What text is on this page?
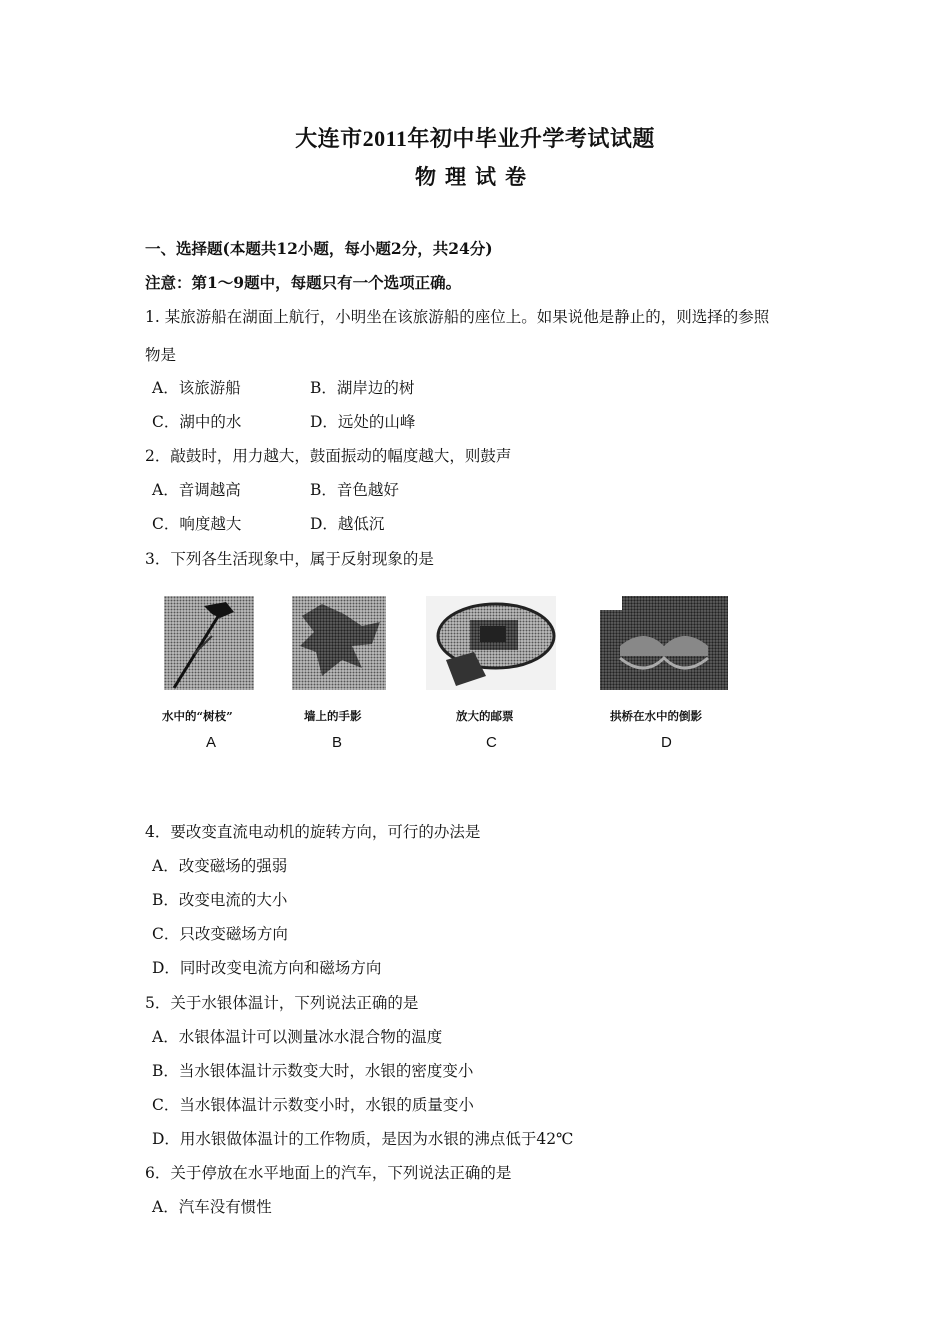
大连市2011年初中毕业升学考试试题
物理试卷
一、选择题(本题共12小题，每小题2分，共24分)
注意：第1～9题中，每题只有一个选项正确。
1. 某旅游船在湖面上航行，小明坐在该旅游船的座位上。如果说他是静止的，则选择的参照
物是
A．该旅游船	B．湖岸边的树
C．湖中的水	D．远处的山峰
2．敲鼓时，用力越大，鼓面振动的幅度越大，则鼓声
A．音调越高	B．音色越好
C．响度越大	D．越低沉
3．下列各生活现象中，属于反射现象的是
水中的“树枝”	墙上的手影	放大的邮票	拱桥在水中的倒影
A	B	C	D
4．要改变直流电动机的旋转方向，可行的办法是
A．改变磁场的强弱
B．改变电流的大小
C．只改变磁场方向
D．同时改变电流方向和磁场方向
5．关于水银体温计，下列说法正确的是
A．水银体温计可以测量冰水混合物的温度
B．当水银体温计示数变大时，水银的密度变小
C．当水银体温计示数变小时，水银的质量变小
D．用水银做体温计的工作物质，是因为水银的沸点低于42℃
6．关于停放在水平地面上的汽车，下列说法正确的是
A．汽车没有惯性
